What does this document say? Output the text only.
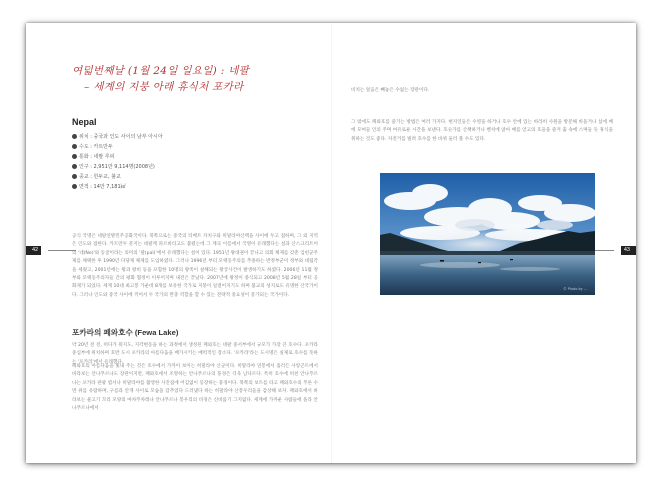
여덟번째날 (1월 24일 일요일) : 네팔
– 세계의 지붕 아래 휴식처 포카라
Nepal
위치 : 중국과 인도 사이의 남부 아시아
수도 : 카트만두
통화 : 네팔 루피
인구 : 2,951만 9,114명(2008년)
종교 : 힌두교, 불교
면적 : 14만 7,181㎢

공식 국명은 네팔연방민주공화국이다. 북쪽으로는 중국의 티베트 자치구와 히말라야산맥을 사이에 두고 접하며, 그 외 지역은 인도와 접한다. 카트만두 분지는 네팔계 파르바티고도 불렸는데 그 계곡 이름에서 국명이 유래했다는 설과 산스크리트어의 '네(Ne)'와 동굴이라는 의미의 '팔(pal)'에서 유래했다는 설이 있다. 1951년 왕대권이 끝나고 의회 체제를 갖춘 입헌군주제를 채택한 후 1990년 다당제 체제를 도입하였다. 그러나 1996년 부터 모택동주의를 추종하는 반정부군이 정부와 대립각을 세웠고, 2001년에는 왕과 왕비 등을 포함한 10명의 왕족이 살해되는 왕궁사건이 발생하기도 하였다. 2006년 11월 정부와 모택동주의자들 간의 평화 협정이 이루어지며 내전은 끝났다. 2007년에 왕정이 종식되고 2008년 5월 28일 부터 공화제가 되었다. 세계 10대 최고봉 가운데 8개를 보유한 국가로 지붕이 일컬어지기도 하며 불교의 성지로도 유명한 산국가이다. 그러나 인도와 중국 사이에 끼어서 두 국가의 완충 역할을 할 수 있는 전략적 중요성이 증가되는 국가이다.

포카라의 페와호수 (Fewa Lake)

약 20년 전 전, 히다가 워지도, 지각변동을 하는 과정에서 생성된 페와호는 네팔 중서부에서 규모가 가장 큰 호수다. 포카라 중심부에 위치하며 호반 도시 포카라의 아름다움을 배가시키는 매력적인 장소다. '포카라'라는 도시명은 실제로 호수를 뜻하는 '포카리'에서 유래했다.

페와호의 아름다움을 빛내 주는 것은 호수에서 가까이 보이는 히말라야 산군이다. 히말라야 연봉에서 흘러든 사랑곤트에서 바라보는 안나푸르나도 장관이지만, 페와호에서 조망하는 안나푸르나의 풍경은 더욱 남다르다. 특히 호수에 비친 안나푸르나는 포카라 관광 엽서나 히말라야를 촬영한 사진집에 어김없이 등장하는 풍경이다. 북쪽의 보트를 타고 페와호수의 푸른 수면 위를 유람하며, 구름과 안개 사이로 모습을 감추었다 드러냈다 하는 히말라야 산봉우리들을 감상해 보자. 페와호에서 바라보는 물고기 꼬리 모양의 마차푸차레나 안나푸르나 봉우리의 비경은 신비롭기 그지없다. 세계에 가까운 사람들에 올라 안나푸르나에서

42	43

비치는 얼음은 빼놓은 수없는 장관이다.

그 밖에도 페와호를 즐기는 방법은 여러 가지다. 현지인들은 수영을 하거나 호수 안에 있는 바라히 사원을 방문해 바돌거나 섬에 배에 모여들 인의 주며 여유로운 시간을 보낸다. 호숫가를 산책하거나 벤치에 앉아 배를 얻고의 호들을 즐겨 출 속에 스며들 듯 휴식을 취하는 것도 좋다. 자전거를 빌려 호수를 한 바퀴 둘러 볼 수도 있다.

© Photo by ...
